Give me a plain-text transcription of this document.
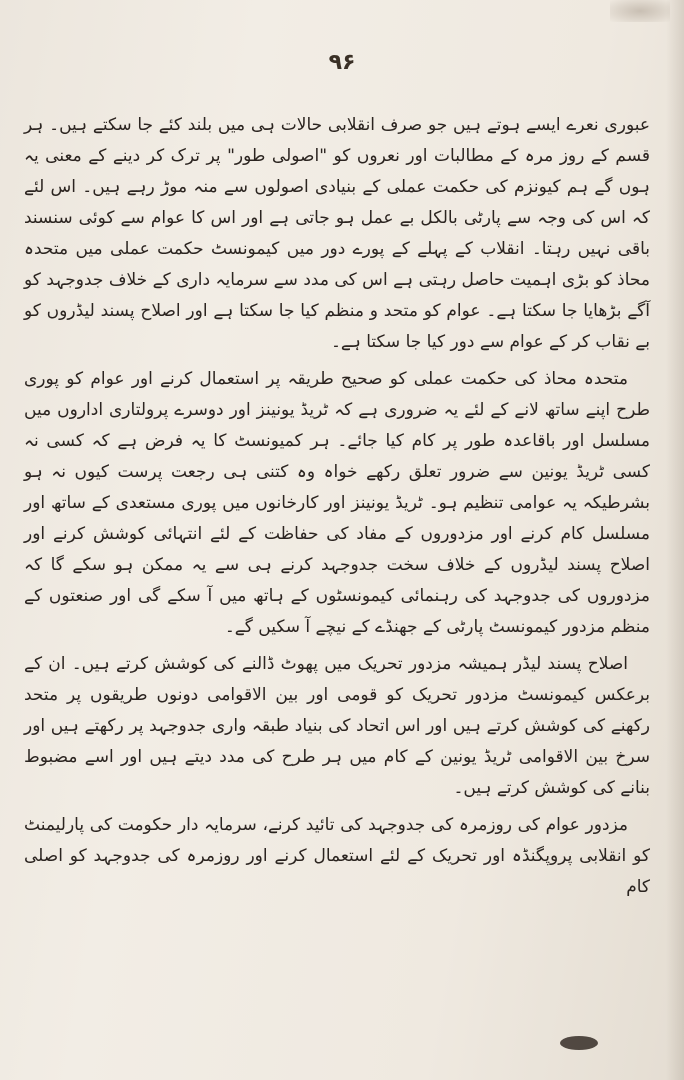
۹۶

عبوری نعرے ایسے ہوتے ہیں جو صرف انقلابی حالات ہی میں بلند کئے جا سکتے ہیں۔ ہر قسم کے روز مرہ کے مطالبات اور نعروں کو "اصولی طور" پر ترک کر دینے کے معنی یہ ہوں گے ہم کیونزم کی حکمت عملی کے بنیادی اصولوں سے منہ موڑ رہے ہیں۔ اس لئے کہ اس کی وجہ سے پارٹی بالکل بے عمل ہو جاتی ہے اور اس کا عوام سے کوئی سنسند باقی نہیں رہتا۔ انقلاب کے پہلے کے پورے دور میں کیمونسٹ حکمت عملی میں متحدہ محاذ کو بڑی اہمیت حاصل رہتی ہے اس کی مدد سے سرمایہ داری کے خلاف جدوجہد کو آگے بڑھایا جا سکتا ہے۔ عوام کو متحد و منظم کیا جا سکتا ہے اور اصلاح پسند لیڈروں کو بے نقاب کر کے عوام سے دور کیا جا سکتا ہے۔

متحدہ محاذ کی حکمت عملی کو صحیح طریقہ پر استعمال کرنے اور عوام کو پوری طرح اپنے ساتھ لانے کے لئے یہ ضروری ہے کہ ٹریڈ یونینز اور دوسرے پرولتاری اداروں میں مسلسل اور باقاعدہ طور پر کام کیا جائے۔ ہر کمیونسٹ کا یہ فرض ہے کہ کسی نہ کسی ٹریڈ یونین سے ضرور تعلق رکھے خواہ وہ کتنی ہی رجعت پرست کیوں نہ ہو بشرطیکہ یہ عوامی تنظیم ہو۔ ٹریڈ یونینز اور کارخانوں میں پوری مستعدی کے ساتھ اور مسلسل کام کرنے اور مزدوروں کے مفاد کی حفاظت کے لئے انتہائی کوشش کرنے اور اصلاح پسند لیڈروں کے خلاف سخت جدوجہد کرنے ہی سے یہ ممکن ہو سکے گا کہ مزدوروں کی جدوجہد کی رہنمائی کیمونسٹوں کے ہاتھ میں آ سکے گی اور صنعتوں کے منظم مزدور کیمونسٹ پارٹی کے جھنڈے کے نیچے آ سکیں گے۔

اصلاح پسند لیڈر ہمیشہ مزدور تحریک میں پھوٹ ڈالنے کی کوشش کرتے ہیں۔ ان کے برعکس کیمونسٹ مزدور تحریک کو قومی اور بین الاقوامی دونوں طریقوں پر متحد رکھنے کی کوشش کرتے ہیں اور اس اتحاد کی بنیاد طبقہ واری جدوجہد پر رکھتے ہیں اور سرخ بین الاقوامی ٹریڈ یونین کے کام میں ہر طرح کی مدد دیتے ہیں اور اسے مضبوط بنانے کی کوشش کرتے ہیں۔

مزدور عوام کی روزمرہ کی جدوجہد کی تائید کرنے، سرمایہ دار حکومت کی پارلیمنٹ کو انقلابی پروپگنڈہ اور تحریک کے لئے استعمال کرنے اور روزمرہ کی جدوجہد کو اصلی کام
